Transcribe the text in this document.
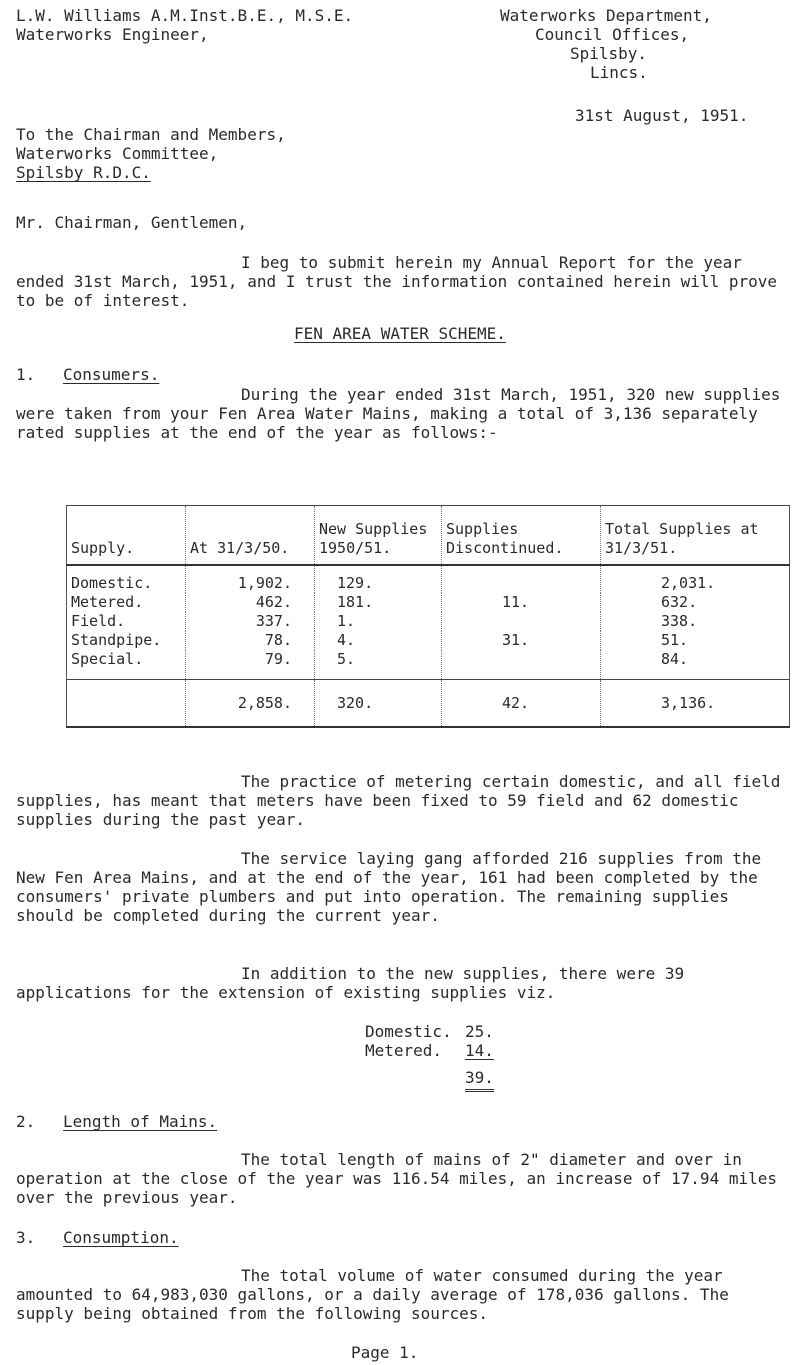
L.W. Williams A.M.Inst.B.E., M.S.E.
Waterworks Engineer,
Waterworks Department,
Council Offices,
Spilsby.
Lincs.
31st August, 1951.
To the Chairman and Members,
Waterworks Committee,
Spilsby R.D.C.
Mr. Chairman, Gentlemen,

I beg to submit herein my Annual Report for the year ended 31st March, 1951, and I trust the information contained herein will prove to be of interest.

FEN AREA WATER SCHEME.
1. Consumers.

During the year ended 31st March, 1951, 320 new supplies were taken from your Fen Area Water Mains, making a total of 3,136 separately rated supplies at the end of the year as follows:-

Supply.	At 31/3/50.	New Supplies 1950/51.	Supplies Discontinued.	Total Supplies at 31/3/51.
Domestic.	1,902.	129.		2,031.
Metered.	462.	181.	11.	632.
Field.	337.	1.		338.
Standpipe.	78.	4.	31.	51.
Special.	79.	5.		84.
	2,858.	320.	42.	3,136.

The practice of metering certain domestic, and all field supplies, has meant that meters have been fixed to 59 field and 62 domestic supplies during the past year.

The service laying gang afforded 216 supplies from the New Fen Area Mains, and at the end of the year, 161 had been completed by the consumers' private plumbers and put into operation. The remaining supplies should be completed during the current year.

In addition to the new supplies, there were 39 applications for the extension of existing supplies viz.

Domestic. 25.
Metered. 14.
39.
2. Length of Mains.

The total length of mains of 2" diameter and over in operation at the close of the year was 116.54 miles, an increase of 17.94 miles over the previous year.

3. Consumption.

The total volume of water consumed during the year amounted to 64,983,030 gallons, or a daily average of 178,036 gallons. The supply being obtained from the following sources.

Page 1.
